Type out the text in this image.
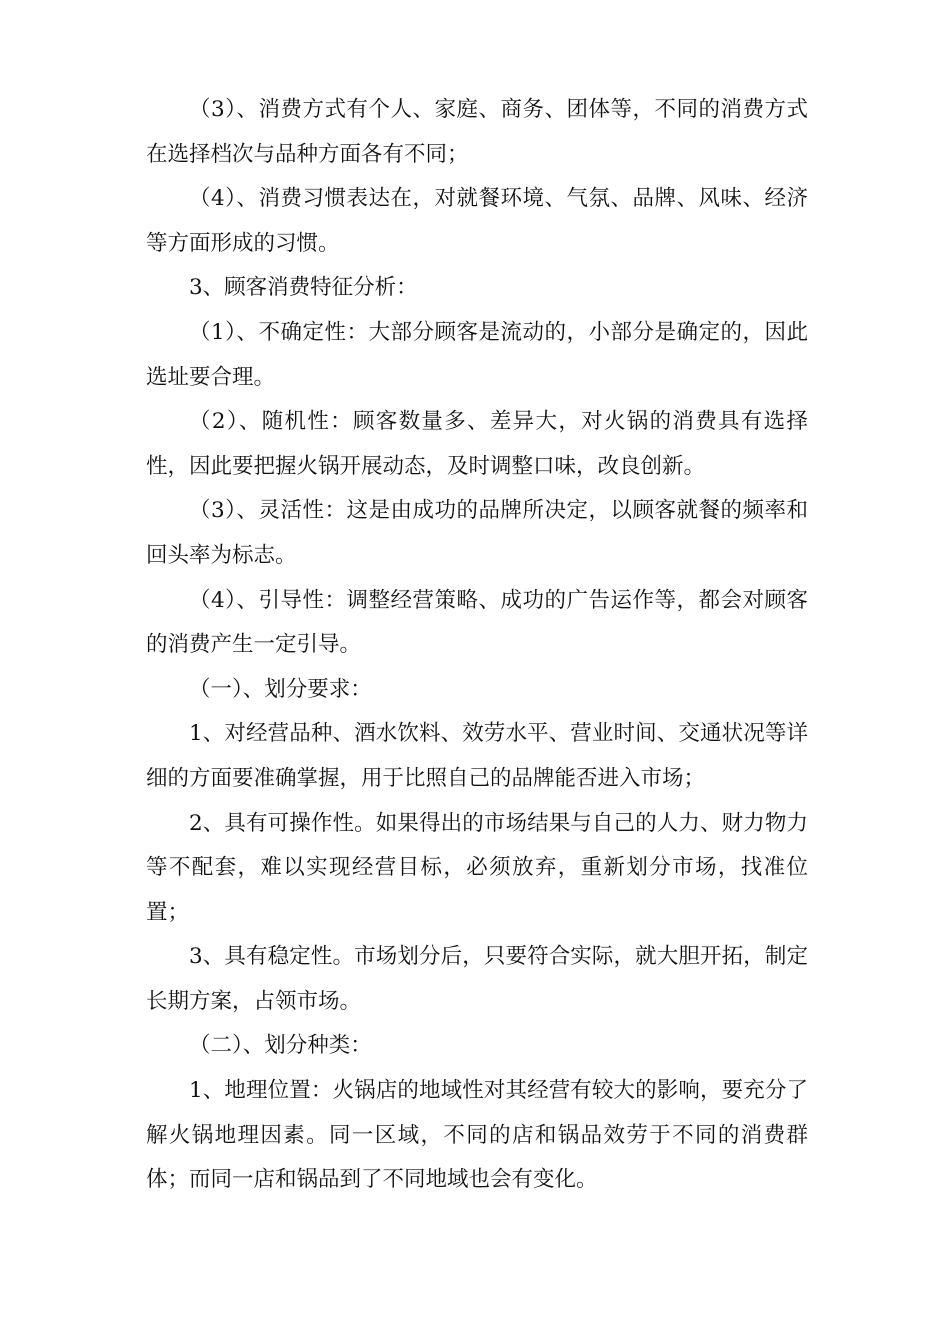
（3）、消费方式有个人、家庭、商务、团体等，不同的消费方式在选择档次与品种方面各有不同；

（4）、消费习惯表达在，对就餐环境、气氛、品牌、风味、经济等方面形成的习惯。

3、顾客消费特征分析：

（1）、不确定性：大部分顾客是流动的，小部分是确定的，因此选址要合理。

（2）、随机性：顾客数量多、差异大，对火锅的消费具有选择性，因此要把握火锅开展动态，及时调整口味，改良创新。

（3）、灵活性：这是由成功的品牌所决定，以顾客就餐的频率和回头率为标志。

（4）、引导性：调整经营策略、成功的广告运作等，都会对顾客的消费产生一定引导。

（一）、划分要求：

1、对经营品种、酒水饮料、效劳水平、营业时间、交通状况等详细的方面要准确掌握，用于比照自己的品牌能否进入市场；

2、具有可操作性。如果得出的市场结果与自己的人力、财力物力等不配套，难以实现经营目标，必须放弃，重新划分市场，找准位置；

3、具有稳定性。市场划分后，只要符合实际，就大胆开拓，制定长期方案，占领市场。

（二）、划分种类：

1、地理位置：火锅店的地域性对其经营有较大的影响，要充分了解火锅地理因素。同一区域，不同的店和锅品效劳于不同的消费群体；而同一店和锅品到了不同地域也会有变化。
